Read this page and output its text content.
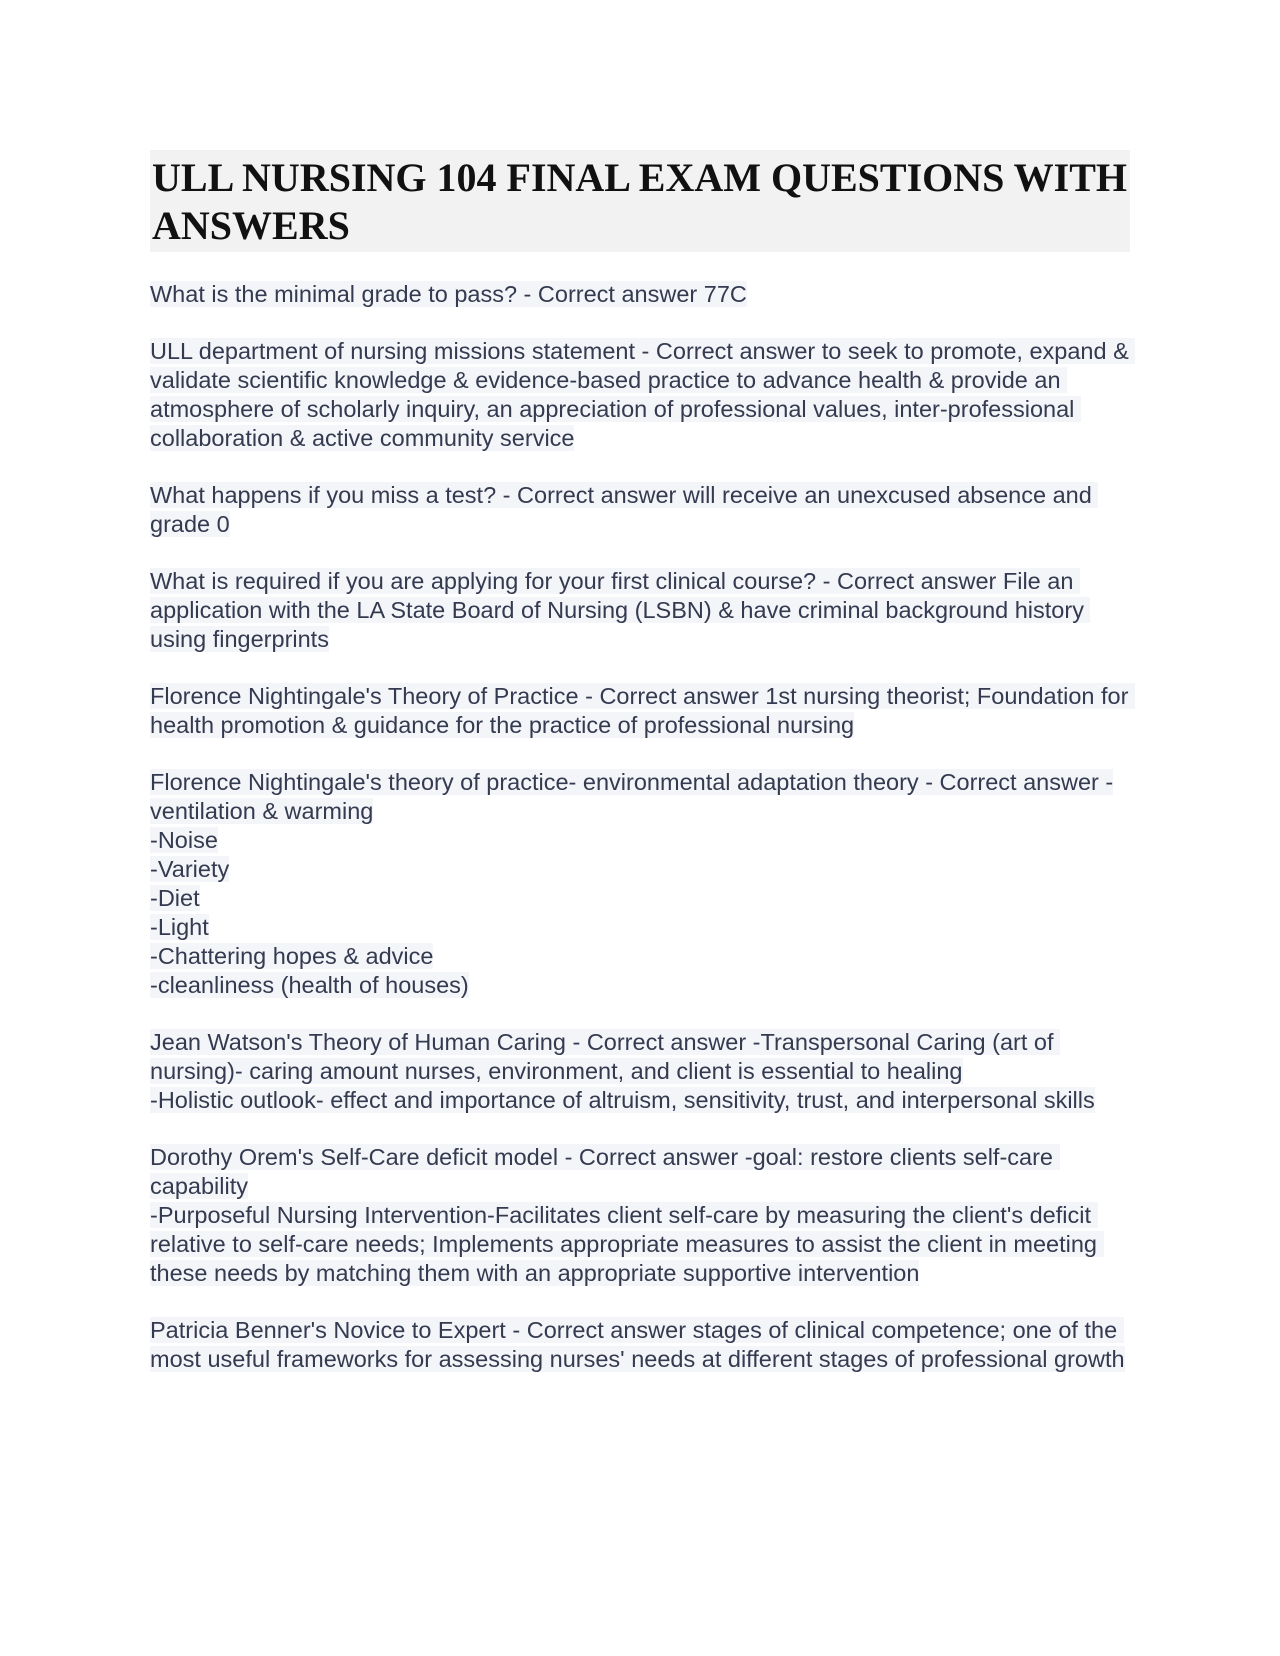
ULL NURSING 104 FINAL EXAM QUESTIONS WITH ANSWERS
What is the minimal grade to pass? - Correct answer 77C
ULL department of nursing missions statement - Correct answer to seek to promote, expand & validate scientific knowledge & evidence-based practice to advance health & provide an atmosphere of scholarly inquiry, an appreciation of professional values, inter-professional collaboration & active community service
What happens if you miss a test? - Correct answer will receive an unexcused absence and grade 0
What is required if you are applying for your first clinical course? - Correct answer File an application with the LA State Board of Nursing (LSBN) & have criminal background history using fingerprints
Florence Nightingale's Theory of Practice - Correct answer 1st nursing theorist; Foundation for health promotion & guidance for the practice of professional nursing
Florence Nightingale's theory of practice- environmental adaptation theory - Correct answer -ventilation & warming
-Noise
-Variety
-Diet
-Light
-Chattering hopes & advice
-cleanliness (health of houses)
Jean Watson's Theory of Human Caring - Correct answer -Transpersonal Caring (art of nursing)- caring amount nurses, environment, and client is essential to healing
-Holistic outlook- effect and importance of altruism, sensitivity, trust, and interpersonal skills
Dorothy Orem's Self-Care deficit model - Correct answer -goal: restore clients self-care capability
-Purposeful Nursing Intervention-Facilitates client self-care by measuring the client's deficit relative to self-care needs; Implements appropriate measures to assist the client in meeting these needs by matching them with an appropriate supportive intervention
Patricia Benner's Novice to Expert - Correct answer stages of clinical competence; one of the most useful frameworks for assessing nurses' needs at different stages of professional growth
